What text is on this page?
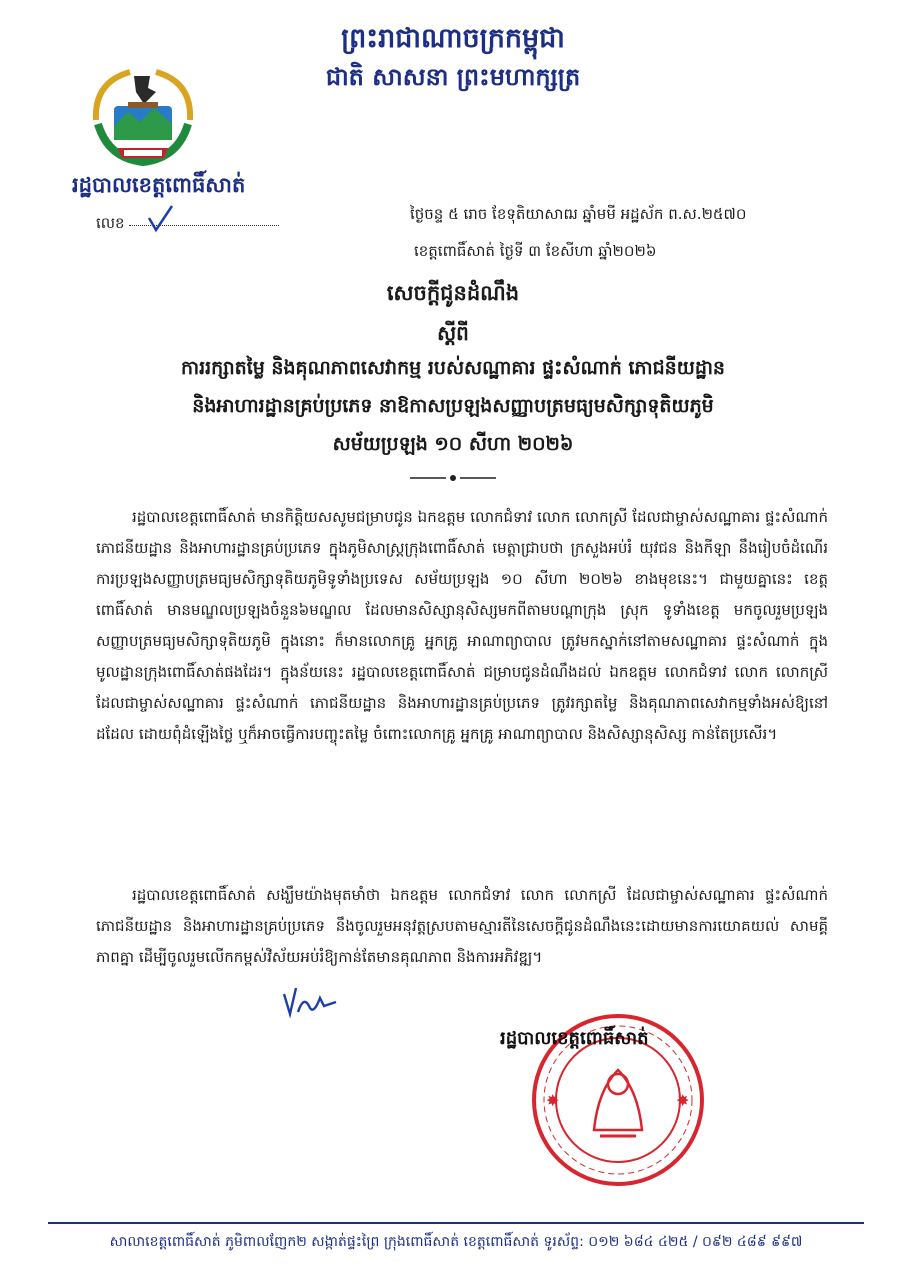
ព្រះរាជាណាចក្រកម្ពុជា
ជាតិ សាសនា ព្រះមហាក្សត្រ
រដ្ឋបាលខេត្តពោធិ៍សាត់
លេខ	ថ្ងៃចន្ទ ៥ រោច ខែទុតិយាសាឍ ឆ្នាំមមី អដ្ឋស័ក ព.ស.២៥៧០
ខេត្តពោធិ៍សាត់ ថ្ងៃទី ៣ ខែសីហា ឆ្នាំ២០២៦
សេចក្តីជូនដំណឹង
ស្តីពី
ការរក្សាតម្លៃ និងគុណភាពសេវាកម្ម របស់សណ្ឋាគារ ផ្ទះសំណាក់ ភោជនីយដ្ឋាន
និងអាហារដ្ឋានគ្រប់ប្រភេទ នាឱកាសប្រឡងសញ្ញាបត្រមធ្យមសិក្សាទុតិយភូមិ
សម័យប្រឡង ១០ សីហា ២០២៦
រដ្ឋបាលខេត្តពោធិ៍សាត់ មានកិត្តិយសសូមជម្រាបជូន ឯកឧត្តម លោកជំទាវ លោក លោកស្រី ដែលជាម្ចាស់សណ្ឋាគារ ផ្ទះសំណាក់ ភោជនីយដ្ឋាន និងអាហារដ្ឋានគ្រប់ប្រភេទ ក្នុងភូមិសាស្ត្រក្រុងពោធិ៍សាត់ មេត្តាជ្រាបថា ក្រសួងអប់រំ យុវជន និងកីឡា នឹងរៀបចំដំណើរការប្រឡងសញ្ញាបត្រមធ្យមសិក្សាទុតិយភូមិទូទាំងប្រទេស សម័យប្រឡង ១០ សីហា ២០២៦ ខាងមុខនេះ។ ជាមួយគ្នានេះ ខេត្តពោធិ៍សាត់ មានមណ្ឌលប្រឡងចំនួន៦មណ្ឌល ដែលមានសិស្សានុសិស្សមកពីតាមបណ្តាក្រុង ស្រុក ទូទាំងខេត្ត មកចូលរួមប្រឡងសញ្ញាបត្រមធ្យមសិក្សាទុតិយភូមិ ក្នុងនោះ ក៏មានលោកគ្រូ អ្នកគ្រូ អាណាព្យាបាល ត្រូវមកស្នាក់នៅតាមសណ្ឋាគារ ផ្ទះសំណាក់ ក្នុងមូលដ្ឋានក្រុងពោធិ៍សាត់ផងដែរ។ ក្នុងន័យនេះ រដ្ឋបាលខេត្តពោធិ៍សាត់ ជម្រាបជូនដំណឹងដល់ ឯកឧត្តម លោកជំទាវ លោក លោកស្រី ដែលជាម្ចាស់សណ្ឋាគារ ផ្ទះសំណាក់ ភោជនីយដ្ឋាន និងអាហារដ្ឋានគ្រប់ប្រភេទ ត្រូវរក្សាតម្លៃ និងគុណភាពសេវាកម្មទាំងអស់ឱ្យនៅដដែល ដោយពុំដំឡើងថ្លៃ ឬក៏អាចធ្វើការបញ្ចុះតម្លៃ ចំពោះលោកគ្រូ អ្នកគ្រូ អាណាព្យាបាល និងសិស្សានុសិស្ស កាន់តែប្រសើរ។
រដ្ឋបាលខេត្តពោធិ៍សាត់ សង្ឃឹមយ៉ាងមុតមាំថា ឯកឧត្តម លោកជំទាវ លោក លោកស្រី ដែលជាម្ចាស់សណ្ឋាគារ ផ្ទះសំណាក់ ភោជនីយដ្ឋាន និងអាហារដ្ឋានគ្រប់ប្រភេទ នឹងចូលរួមអនុវត្តស្របតាមស្មារតីនៃសេចក្តីជូនដំណឹងនេះដោយមានការយោគយល់ សាមគ្គីភាពគ្នា ដើម្បីចូលរួមលើកកម្ពស់វិស័យអប់រំឱ្យកាន់តែមានគុណភាព និងការអភិវឌ្ឍ។
✸	✸
រដ្ឋបាលខេត្តពោធិ៍សាត់
សាលាខេត្តពោធិ៍សាត់ ភូមិពាលញែក២ សង្កាត់ផ្ទះព្រៃ ក្រុងពោធិ៍សាត់ ខេត្តពោធិ៍សាត់ ទូរស័ព្ទ: ០១២ ៦៨៤ ៤២៥ / ០៩២ ៤៨៩ ៩៩៧
